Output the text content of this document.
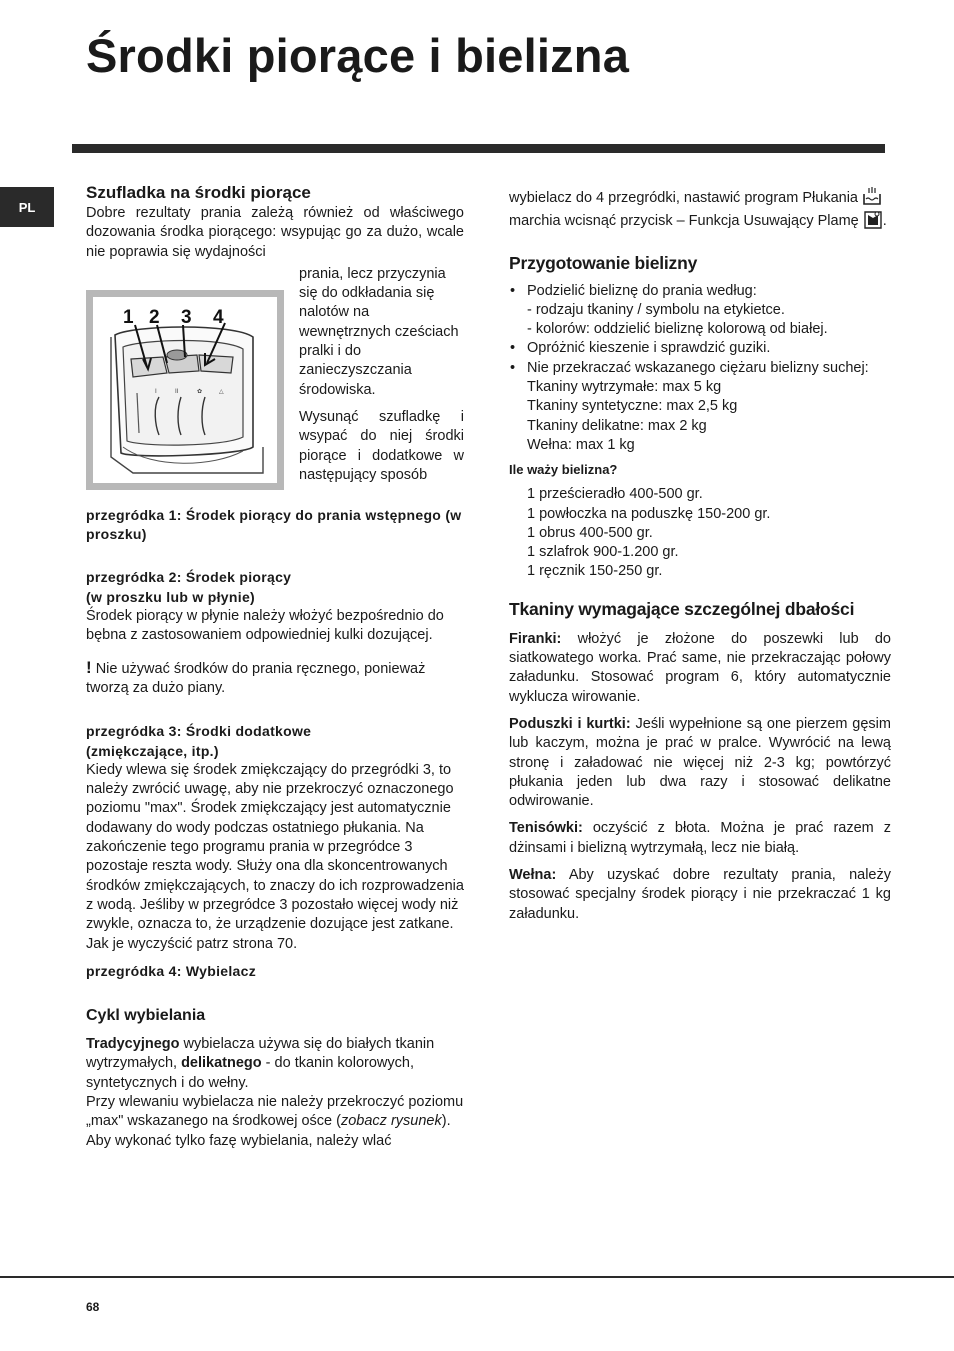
Środki piorące i bielizna
PL

Szufladka na środki piorące

Dobre rezultaty prania zależą również od właściwego dozowania środka piorącego: wsypując go za dużo, wcale nie poprawia się wydajności

I	II	✿	△
1 2 3 4

prania, lecz przyczynia się do odkładania się nalotów na wewnętrznych cześciach pralki i do zanieczyszczania środowiska.

Wysunąć szufladkę i wsypać do niej środki piorące i dodatkowe w następujący sposób

przegródka 1: Środek piorący do prania wstępnego (w proszku)

przegródka 2: Środek piorący

(w proszku lub w płynie)

Środek piorący w płynie należy włożyć bezpośrednio do bębna z zastosowaniem odpowiedniej kulki dozującej.

! Nie używać środków do prania ręcznego, ponieważ tworzą za dużo piany.

przegródka 3: Środki dodatkowe

(zmiękczające, itp.)

Kiedy wlewa się środek zmiękczający do przegródki 3, to należy zwrócić uwagę, aby nie przekroczyć oznaczonego poziomu "max". Środek zmiękczający jest automatycznie dodawany do wody podczas ostatniego płukania. Na zakończenie tego programu prania w przegródce 3 pozostaje reszta wody. Służy ona dla skoncentrowanych środków zmiękczających, to znaczy do ich rozprowadzenia z wodą. Jeśliby w przegródce 3 pozostało więcej wody niż zwykle, oznacza to, że urządzenie dozujące jest zatkane. Jak je wyczyścić patrz strona 70.

przegródka 4: Wybielacz

Cykl wybielania

Tradycyjnego wybielacza używa się do białych tkanin wytrzymałych, delikatnego - do tkanin kolorowych, syntetycznych i do wełny.

Przy wlewaniu wybielacza nie należy przekroczyć poziomu „max" wskazanego na środkowej ośce (zobacz rysunek).

Aby wykonać tylko fazę wybielania, należy wlać

wybielacz do 4 przegródki, nastawić program Płukania  marchia wcisnąć przycisk – Funkcja Usuwający Plamę .

Przygotowanie bielizny

• Podzielić bieliznę do prania według:
- rodzaju tkaniny / symbolu na etykietce.
- kolorów: oddzielić bieliznę kolorową od białej.
• Opróżnić kieszenie i sprawdzić guziki.
• Nie przekraczać wskazanego ciężaru bielizny suchej:
Tkaniny wytrzymałe: max 5 kg
Tkaniny syntetyczne: max 2,5 kg
Tkaniny delikatne: max 2 kg
Wełna: max 1 kg

Ile waży bielizna?

1 prześcieradło 400-500 gr.

1 powłoczka na poduszkę 150-200 gr.

1 obrus 400-500 gr.

1 szlafrok 900-1.200 gr.

1 ręcznik 150-250 gr.

Tkaniny wymagające szczególnej dbałości

Firanki: włożyć je złożone do poszewki lub do siatkowatego worka. Prać same, nie przekraczając połowy załadunku. Stosować program 6, który automatycznie wyklucza wirowanie.

Poduszki i kurtki: Jeśli wypełnione są one pierzem gęsim lub kaczym, można je prać w pralce. Wywrócić na lewą stronę i załadować nie więcej niż 2-3 kg; powtórzyć płukania jeden lub dwa razy i stosować delikatne odwirowanie.

Tenisówki: oczyścić z błota. Można je prać razem z dżinsami i bielizną wytrzymałą, lecz nie białą.

Wełna: Aby uzyskać dobre rezultaty prania, należy stosować specjalny środek piorący i nie przekraczać 1 kg załadunku.

68
